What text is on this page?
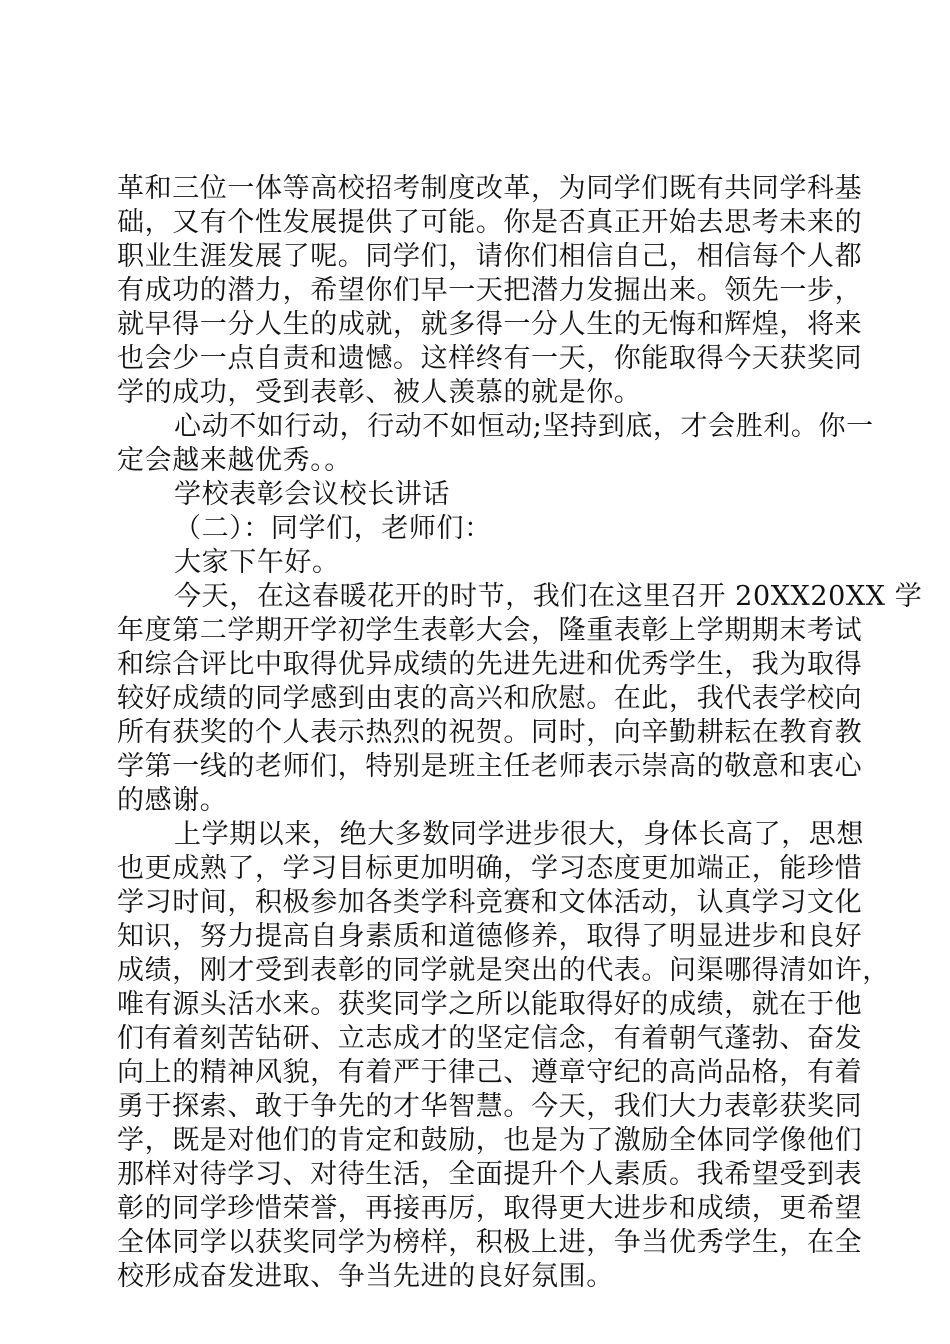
革和三位一体等高校招考制度改革，为同学们既有共同学科基
础，又有个性发展提供了可能。你是否真正开始去思考未来的
职业生涯发展了呢。同学们，请你们相信自己，相信每个人都
有成功的潜力，希望你们早一天把潜力发掘出来。领先一步，
就早得一分人生的成就，就多得一分人生的无悔和辉煌，将来
也会少一点自责和遗憾。这样终有一天，你能取得今天获奖同
学的成功，受到表彰、被人羡慕的就是你。
心动不如行动，行动不如恒动;坚持到底，才会胜利。你一
定会越来越优秀。。
学校表彰会议校长讲话
（二）：同学们，老师们：
大家下午好。
今天，在这春暖花开的时节，我们在这里召开 20XX20XX 学
年度第二学期开学初学生表彰大会，隆重表彰上学期期末考试
和综合评比中取得优异成绩的先进先进和优秀学生，我为取得
较好成绩的同学感到由衷的高兴和欣慰。在此，我代表学校向
所有获奖的个人表示热烈的祝贺。同时，向辛勤耕耘在教育教
学第一线的老师们，特别是班主任老师表示崇高的敬意和衷心
的感谢。
上学期以来，绝大多数同学进步很大，身体长高了，思想
也更成熟了，学习目标更加明确，学习态度更加端正，能珍惜
学习时间，积极参加各类学科竞赛和文体活动，认真学习文化
知识，努力提高自身素质和道德修养，取得了明显进步和良好
成绩，刚才受到表彰的同学就是突出的代表。问渠哪得清如许，
唯有源头活水来。获奖同学之所以能取得好的成绩，就在于他
们有着刻苦钻研、立志成才的坚定信念，有着朝气蓬勃、奋发
向上的精神风貌，有着严于律己、遵章守纪的高尚品格，有着
勇于探索、敢于争先的才华智慧。今天，我们大力表彰获奖同
学，既是对他们的肯定和鼓励，也是为了激励全体同学像他们
那样对待学习、对待生活，全面提升个人素质。我希望受到表
彰的同学珍惜荣誉，再接再厉，取得更大进步和成绩，更希望
全体同学以获奖同学为榜样，积极上进，争当优秀学生，在全
校形成奋发进取、争当先进的良好氛围。
